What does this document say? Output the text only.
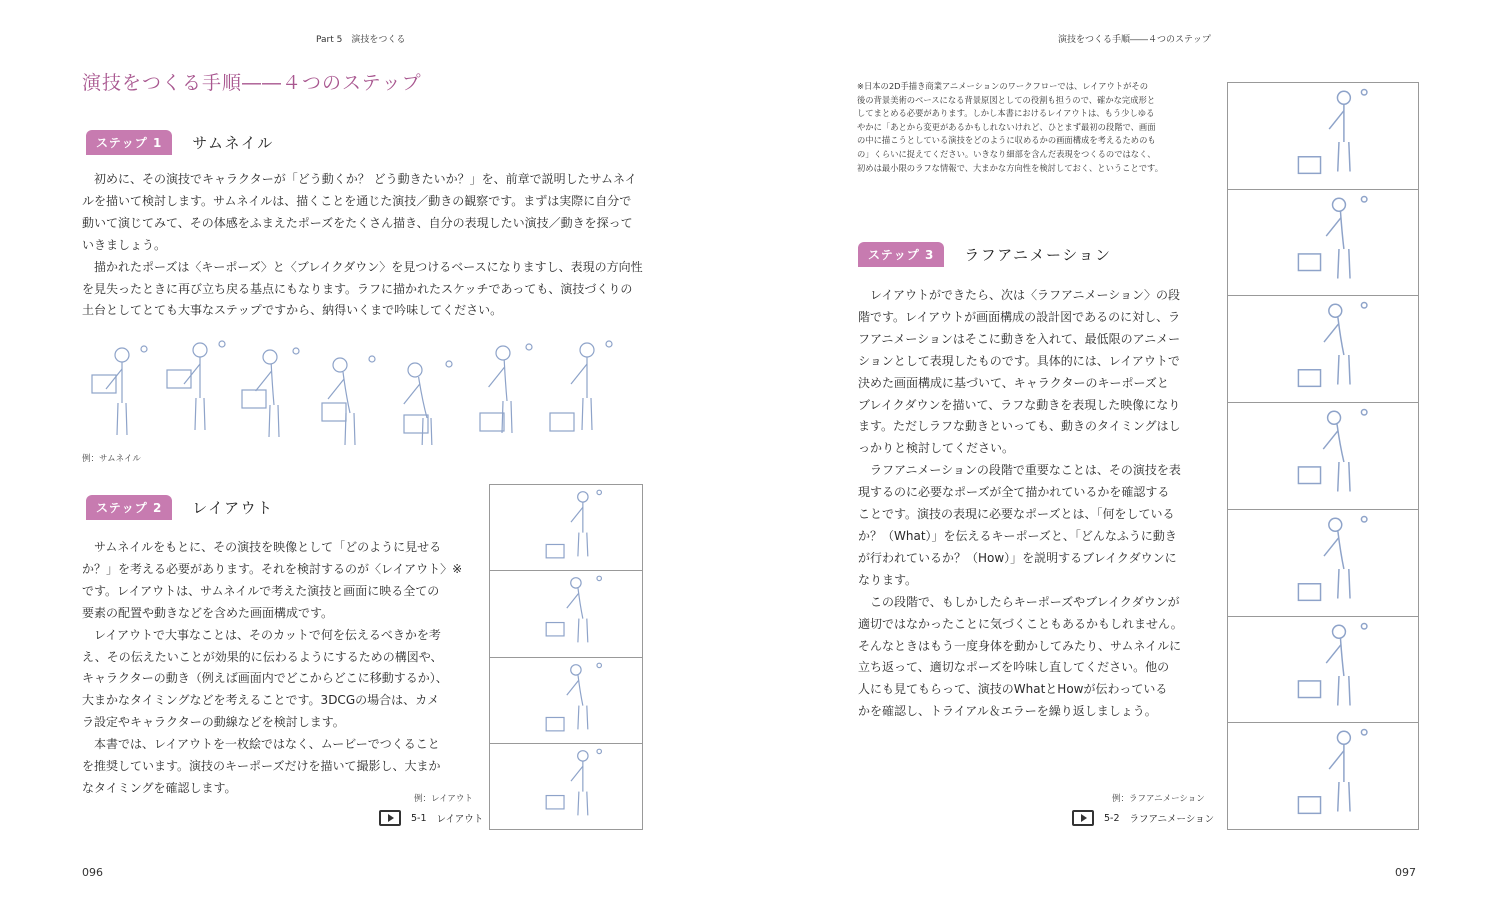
Part 5　演技をつくる	演技をつくる手順――４つのステップ
演技をつくる手順――４つのステップ
ステップ 1	サムネイル
　初めに、その演技でキャラクターが「どう動くか？ どう動きたいか？」を、前章で説明したサムネイ
ルを描いて検討します。サムネイルは、描くことを通じた演技／動きの観察です。まずは実際に自分で
動いて演じてみて、その体感をふまえたポーズをたくさん描き、自分の表現したい演技／動きを探って
いきましょう。
　描かれたポーズは〈キーポーズ〉と〈ブレイクダウン〉を見つけるベースになりますし、表現の方向性
を見失ったときに再び立ち戻る基点にもなります。ラフに描かれたスケッチであっても、演技づくりの
土台としてとても大事なステップですから、納得いくまで吟味してください。
例：サムネイル
ステップ 2	レイアウト
　サムネイルをもとに、その演技を映像として「どのように見せる
か？」を考える必要があります。それを検討するのが〈レイアウト〉※
です。レイアウトは、サムネイルで考えた演技と画面に映る全ての
要素の配置や動きなどを含めた画面構成です。
　レイアウトで大事なことは、そのカットで何を伝えるべきかを考
え、その伝えたいことが効果的に伝わるようにするための構図や、
キャラクターの動き（例えば画面内でどこからどこに移動するか）、
大まかなタイミングなどを考えることです。3DCGの場合は、カメ
ラ設定やキャラクターの動線などを検討します。
　本書では、レイアウトを一枚絵ではなく、ムービーでつくること
を推奨しています。演技のキーポーズだけを描いて撮影し、大まか
なタイミングを確認します。
例：レイアウト
5-1 レイアウト
※日本の2D手描き商業アニメーションのワークフローでは、レイアウトがその
後の背景美術のベースになる背景原図としての役割も担うので、確かな完成形と
してまとめる必要があります。しかし本書におけるレイアウトは、もう少しゆる
やかに「あとから変更があるかもしれないけれど、ひとまず最初の段階で、画面
の中に描こうとしている演技をどのように収めるかの画面構成を考えるためのも
の」くらいに捉えてください。いきなり細部を含んだ表現をつくるのではなく、
初めは最小限のラフな情報で、大まかな方向性を検討しておく、ということです。
ステップ 3	ラフアニメーション
　レイアウトができたら、次は〈ラフアニメーション〉の段
階です。レイアウトが画面構成の設計図であるのに対し、ラ
フアニメーションはそこに動きを入れて、最低限のアニメー
ションとして表現したものです。具体的には、レイアウトで
決めた画面構成に基づいて、キャラクターのキーポーズと
ブレイクダウンを描いて、ラフな動きを表現した映像になり
ます。ただしラフな動きといっても、動きのタイミングはし
っかりと検討してください。
　ラフアニメーションの段階で重要なことは、その演技を表
現するのに必要なポーズが全て描かれているかを確認する
ことです。演技の表現に必要なポーズとは、「何をしている
か？（What）」を伝えるキーポーズと、「どんなふうに動き
が行われているか？（How）」を説明するブレイクダウンに
なります。
　この段階で、もしかしたらキーポーズやブレイクダウンが
適切ではなかったことに気づくこともあるかもしれません。
そんなときはもう一度身体を動かしてみたり、サムネイルに
立ち返って、適切なポーズを吟味し直してください。他の
人にも見てもらって、演技のWhatとHowが伝わっている
かを確認し、トライアル＆エラーを繰り返しましょう。
例：ラフアニメーション
5-2 ラフアニメーション
096	097
